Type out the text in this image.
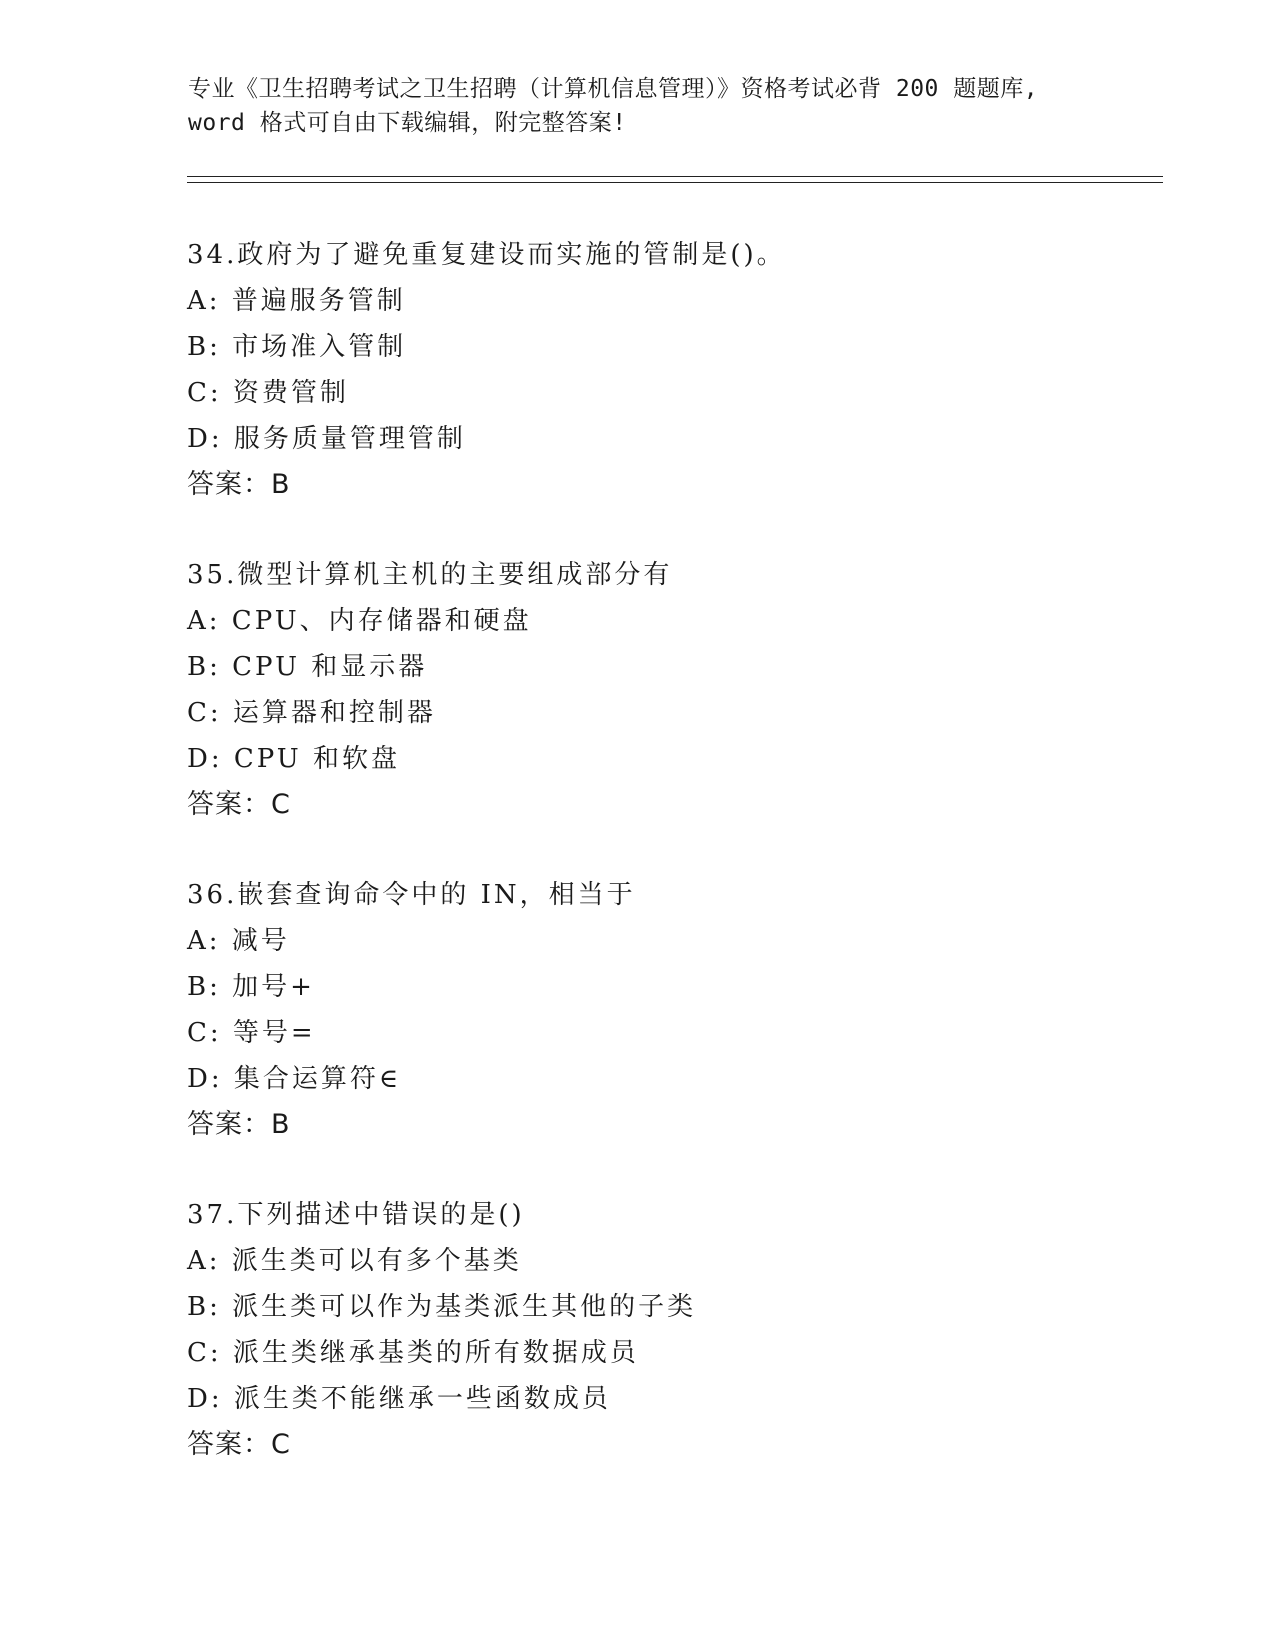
专业《卫生招聘考试之卫生招聘（计算机信息管理）》资格考试必背 200 题题库,
word 格式可自由下载编辑，附完整答案!
34.政府为了避免重复建设而实施的管制是()。
A: 普遍服务管制
B: 市场准入管制
C: 资费管制
D: 服务质量管理管制
答案：B
35.微型计算机主机的主要组成部分有
A: CPU、内存储器和硬盘
B: CPU 和显示器
C: 运算器和控制器
D: CPU 和软盘
答案：C
36.嵌套查询命令中的 IN，相当于
A: 减号
B: 加号+
C: 等号=
D: 集合运算符∈
答案：B
37.下列描述中错误的是()
A: 派生类可以有多个基类
B: 派生类可以作为基类派生其他的子类
C: 派生类继承基类的所有数据成员
D: 派生类不能继承一些函数成员
答案：C
